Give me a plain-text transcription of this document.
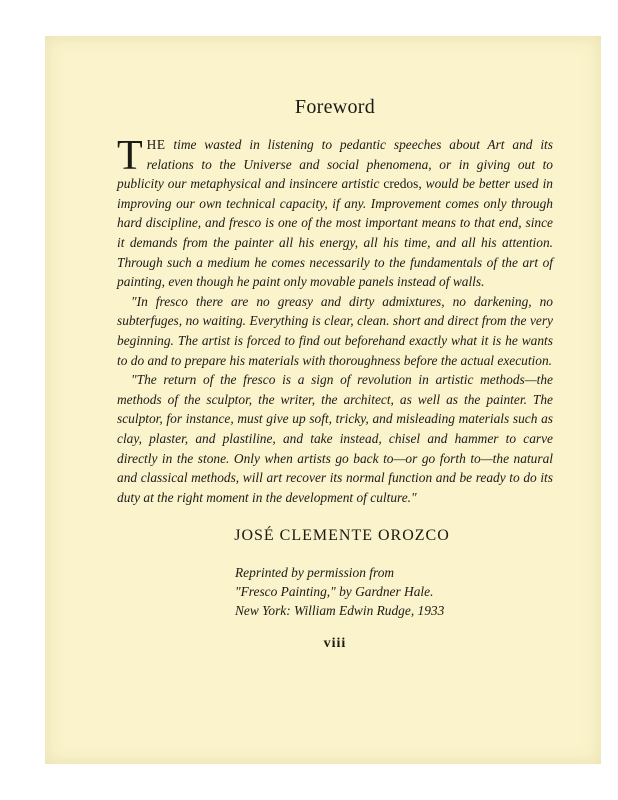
Foreword

THE time wasted in listening to pedantic speeches about Art and its relations to the Universe and social phenomena, or in giving out to publicity our metaphysical and insincere artistic credos, would be better used in improving our own technical capacity, if any. Improvement comes only through hard discipline, and fresco is one of the most important means to that end, since it demands from the painter all his energy, all his time, and all his attention. Through such a medium he comes necessarily to the fundamentals of the art of painting, even though he paint only movable panels instead of walls.

"In fresco there are no greasy and dirty admixtures, no darkening, no subterfuges, no waiting. Everything is clear, clean. short and direct from the very beginning. The artist is forced to find out beforehand exactly what it is he wants to do and to prepare his materials with thoroughness before the actual execution.

"The return of the fresco is a sign of revolution in artistic methods—the methods of the sculptor, the writer, the architect, as well as the painter. The sculptor, for instance, must give up soft, tricky, and misleading materials such as clay, plaster, and plastiline, and take instead, chisel and hammer to carve directly in the stone. Only when artists go back to—or go forth to—the natural and classical methods, will art recover its normal function and be ready to do its duty at the right moment in the development of culture."

JOSÉ CLEMENTE OROZCO
Reprinted by permission from
"Fresco Painting," by Gardner Hale.
New York: William Edwin Rudge, 1933
viii
